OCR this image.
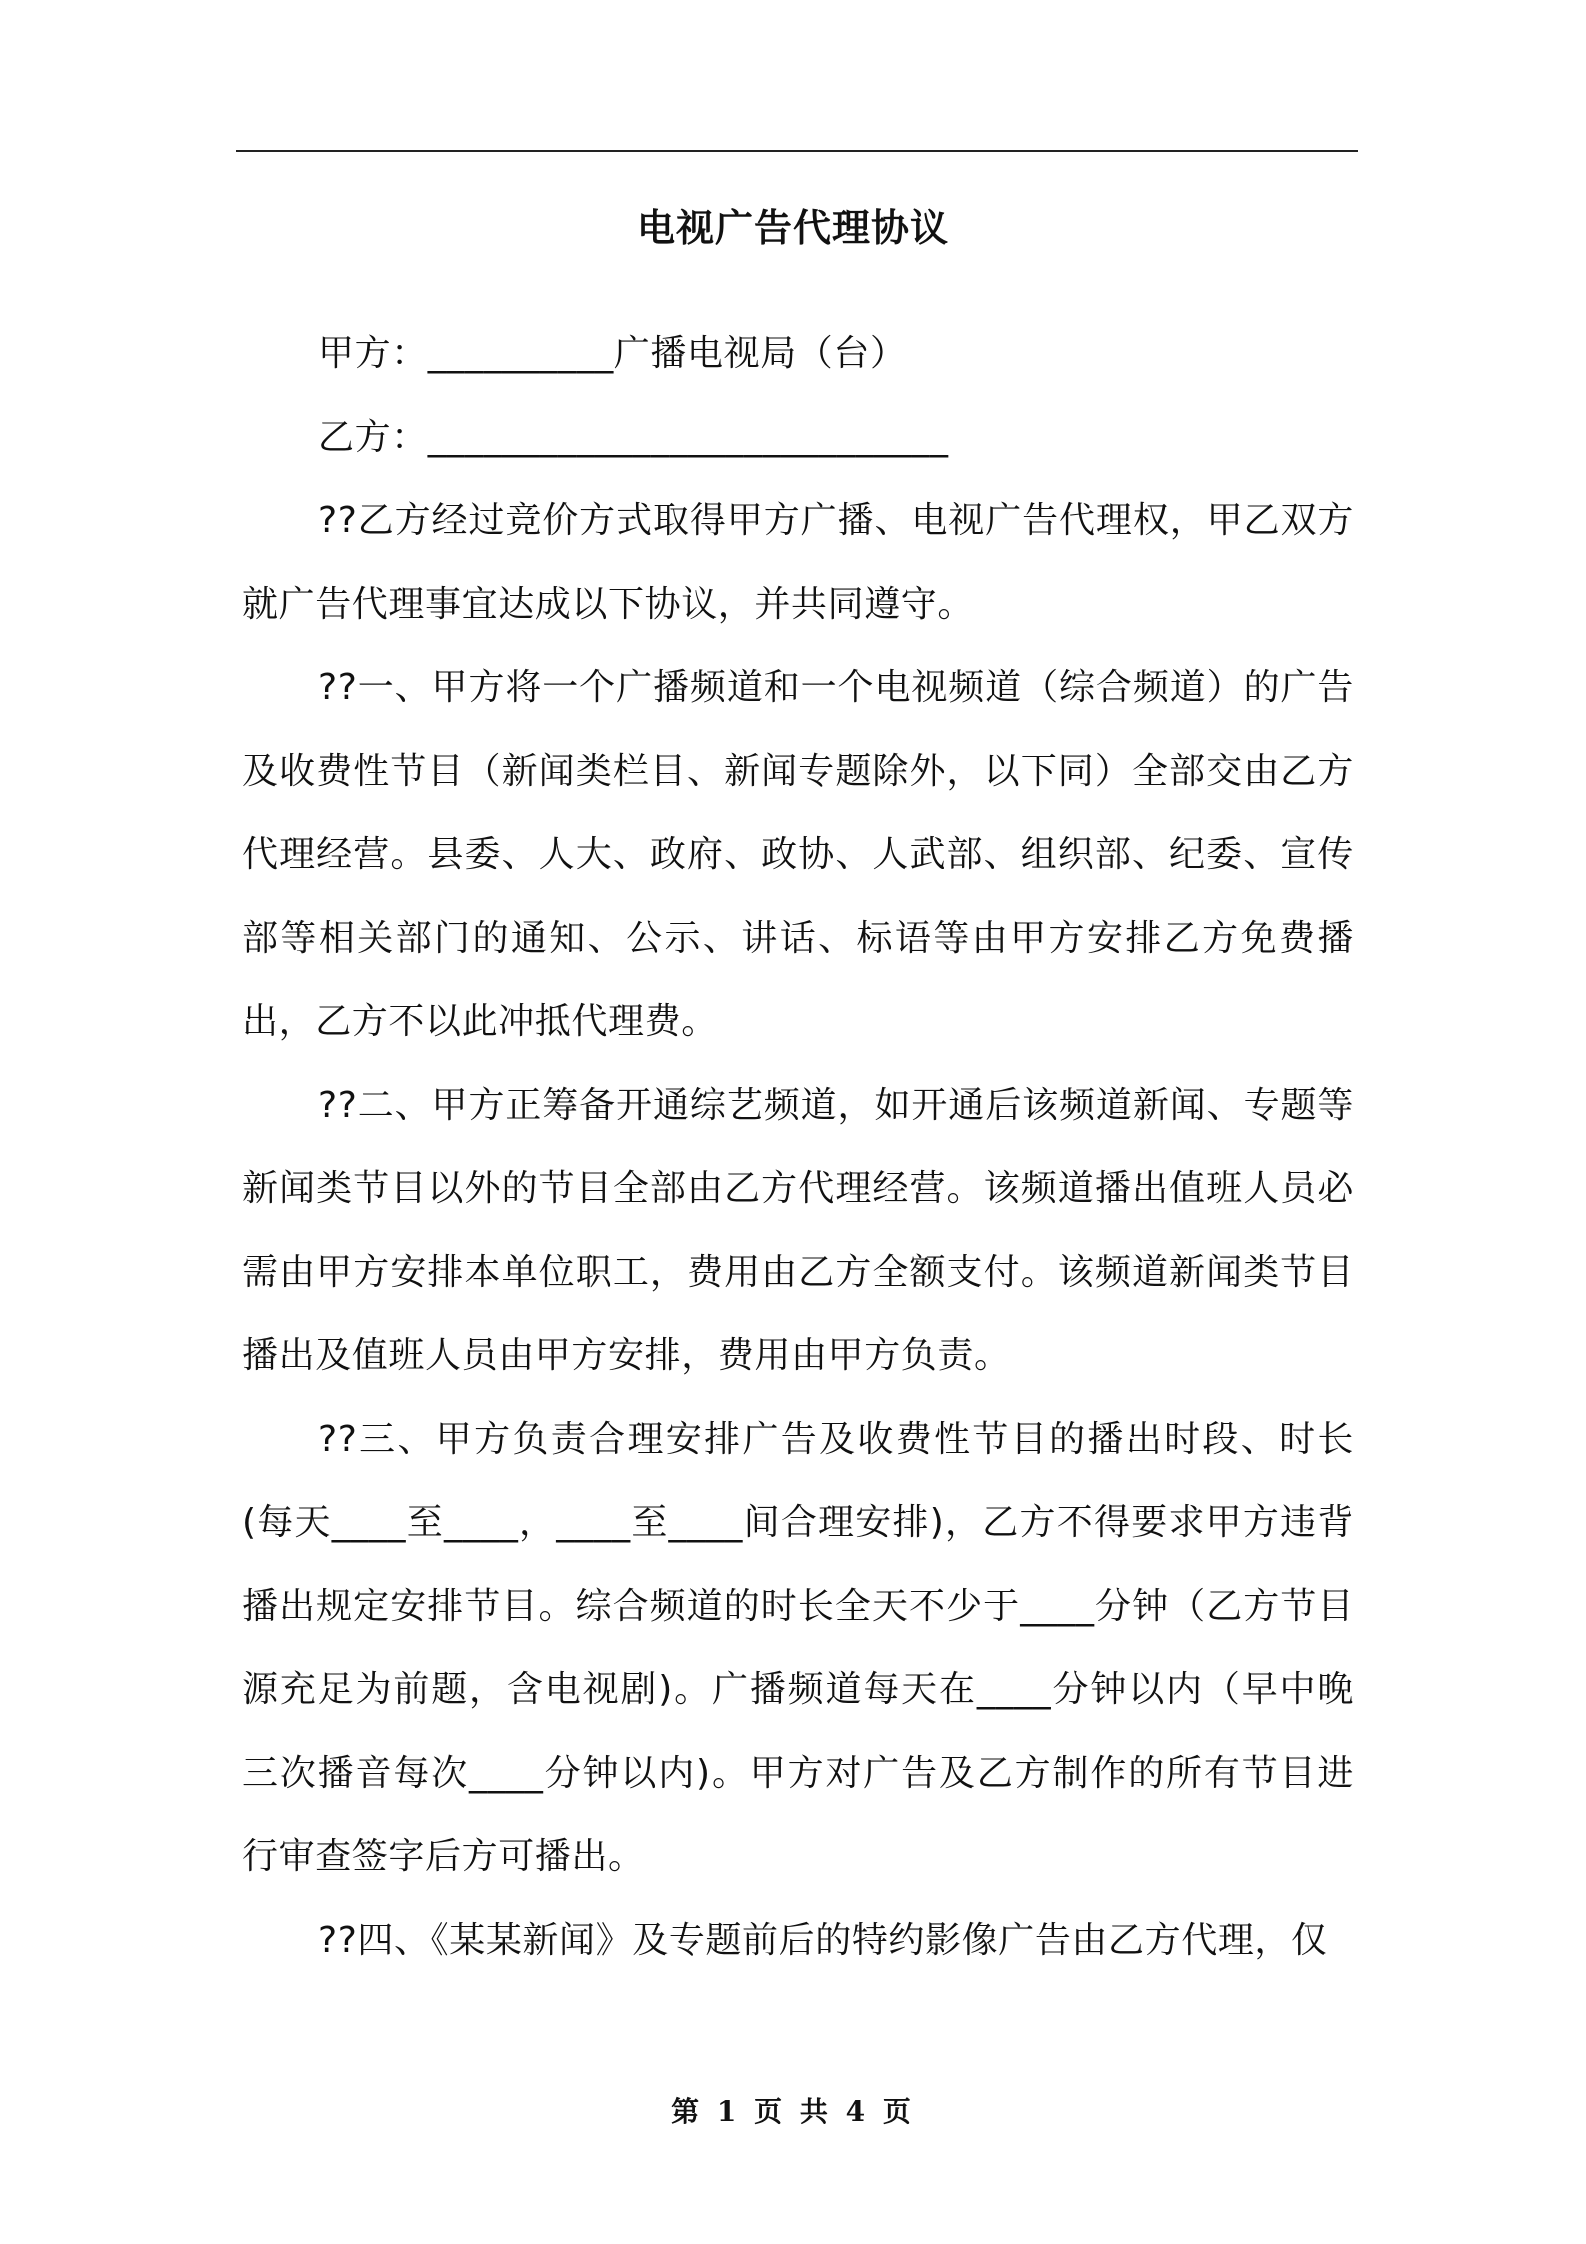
电视广告代理协议

甲方：__________广播电视局（台）

乙方：____________________________

??乙方经过竞价方式取得甲方广播、电视广告代理权，甲乙双方就广告代理事宜达成以下协议，并共同遵守。

??一、甲方将一个广播频道和一个电视频道（综合频道）的广告及收费性节目（新闻类栏目、新闻专题除外，以下同）全部交由乙方代理经营。县委、人大、政府、政协、人武部、组织部、纪委、宣传部等相关部门的通知、公示、讲话、标语等由甲方安排乙方免费播出，乙方不以此冲抵代理费。

??二、甲方正筹备开通综艺频道，如开通后该频道新闻、专题等新闻类节目以外的节目全部由乙方代理经营。该频道播出值班人员必需由甲方安排本单位职工，费用由乙方全额支付。该频道新闻类节目播出及值班人员由甲方安排，费用由甲方负责。

??三、甲方负责合理安排广告及收费性节目的播出时段、时长(每天____至____，____至____间合理安排)，乙方不得要求甲方违背播出规定安排节目。综合频道的时长全天不少于____分钟（乙方节目源充足为前题，含电视剧)。广播频道每天在____分钟以内（早中晚三次播音每次____分钟以内)。甲方对广告及乙方制作的所有节目进行审查签字后方可播出。

??四、《某某新闻》及专题前后的特约影像广告由乙方代理，仅

第 1 页 共 4 页
